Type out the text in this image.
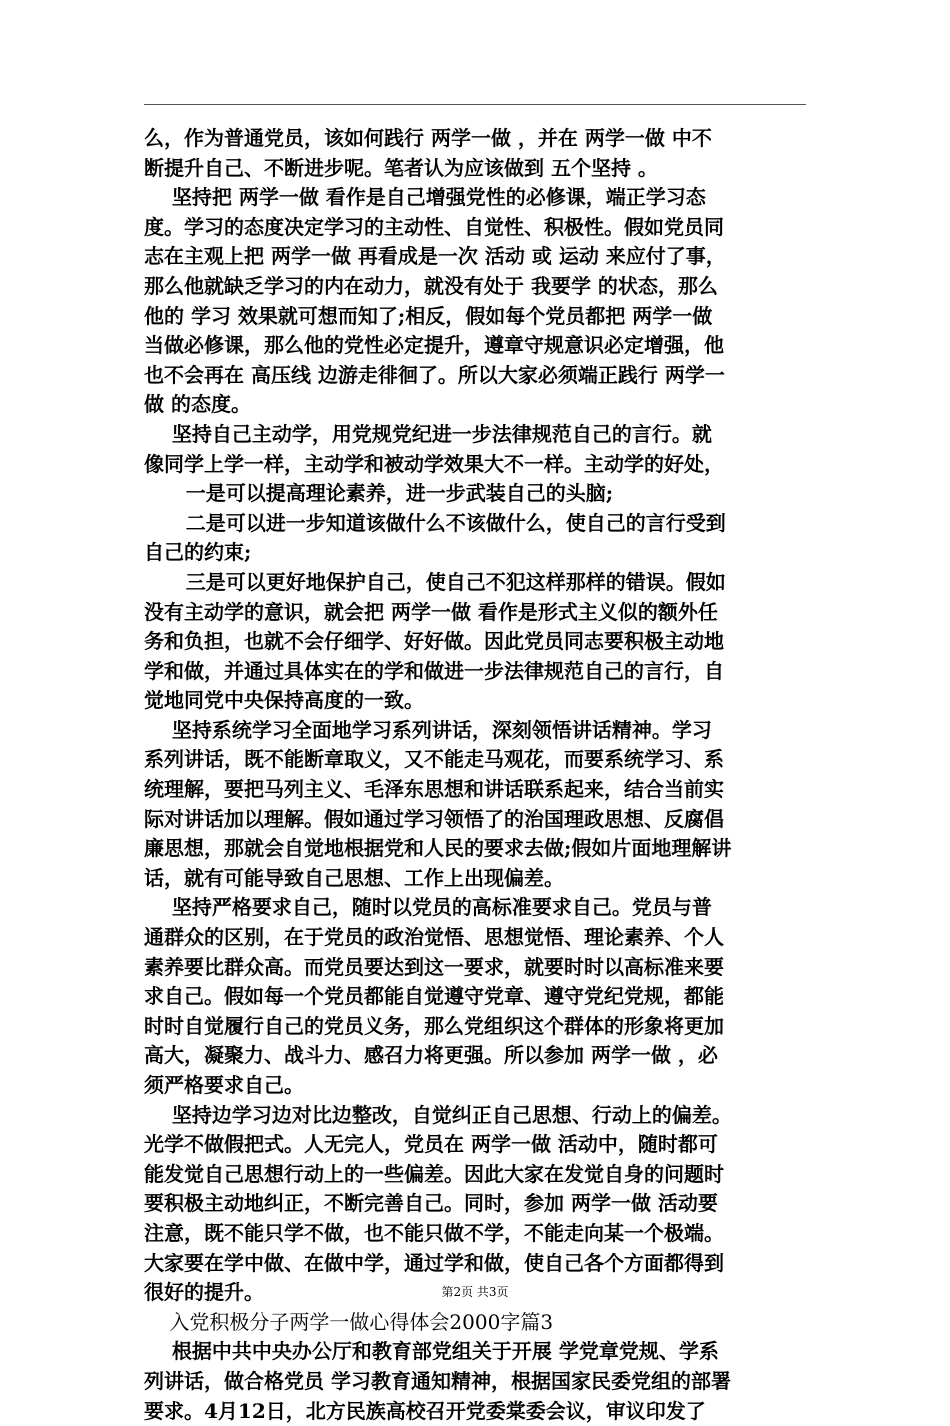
么，作为普通党员，该如何践行 两学一做 ，并在 两学一做 中不
断提升自己、不断进步呢。笔者认为应该做到 五个坚持 。
坚持把 两学一做 看作是自己增强党性的必修课，端正学习态
度。学习的态度决定学习的主动性、自觉性、积极性。假如党员同
志在主观上把 两学一做 再看成是一次 活动 或 运动 来应付了事，
那么他就缺乏学习的内在动力，就没有处于 我要学 的状态，那么
他的 学习 效果就可想而知了;相反，假如每个党员都把 两学一做
当做必修课，那么他的党性必定提升，遵章守规意识必定增强，他
也不会再在 高压线 边游走徘徊了。所以大家必须端正践行 两学一
做 的态度。
坚持自己主动学，用党规党纪进一步法律规范自己的言行。就
像同学上学一样，主动学和被动学效果大不一样。主动学的好处，
一是可以提高理论素养，进一步武装自己的头脑;
二是可以进一步知道该做什么不该做什么，使自己的言行受到
自己的约束;
三是可以更好地保护自己，使自己不犯这样那样的错误。假如
没有主动学的意识，就会把 两学一做 看作是形式主义似的额外任
务和负担，也就不会仔细学、好好做。因此党员同志要积极主动地
学和做，并通过具体实在的学和做进一步法律规范自己的言行，自
觉地同党中央保持高度的一致。
坚持系统学习全面地学习系列讲话，深刻领悟讲话精神。学习
系列讲话，既不能断章取义，又不能走马观花，而要系统学习、系
统理解，要把马列主义、毛泽东思想和讲话联系起来，结合当前实
际对讲话加以理解。假如通过学习领悟了的治国理政思想、反腐倡
廉思想，那就会自觉地根据党和人民的要求去做;假如片面地理解讲
话，就有可能导致自己思想、工作上出现偏差。
坚持严格要求自己，随时以党员的高标准要求自己。党员与普
通群众的区别，在于党员的政治觉悟、思想觉悟、理论素养、个人
素养要比群众高。而党员要达到这一要求，就要时时以高标准来要
求自己。假如每一个党员都能自觉遵守党章、遵守党纪党规，都能
时时自觉履行自己的党员义务，那么党组织这个群体的形象将更加
高大，凝聚力、战斗力、感召力将更强。所以参加 两学一做 ，必
须严格要求自己。
坚持边学习边对比边整改，自觉纠正自己思想、行动上的偏差。
光学不做假把式。人无完人，党员在 两学一做 活动中，随时都可
能发觉自己思想行动上的一些偏差。因此大家在发觉自身的问题时
要积极主动地纠正，不断完善自己。同时，参加 两学一做 活动要
注意，既不能只学不做，也不能只做不学，不能走向某一个极端。
大家要在学中做、在做中学，通过学和做，使自己各个方面都得到
很好的提升。
入党积极分子两学一做心得体会2000字篇3
根据中共中央办公厅和教育部党组关于开展 学党章党规、学系
列讲话，做合格党员 学习教育通知精神，根据国家民委党组的部署
要求。4月12日，北方民族高校召开党委棠委会议，审议印发了
第2页 共3页
